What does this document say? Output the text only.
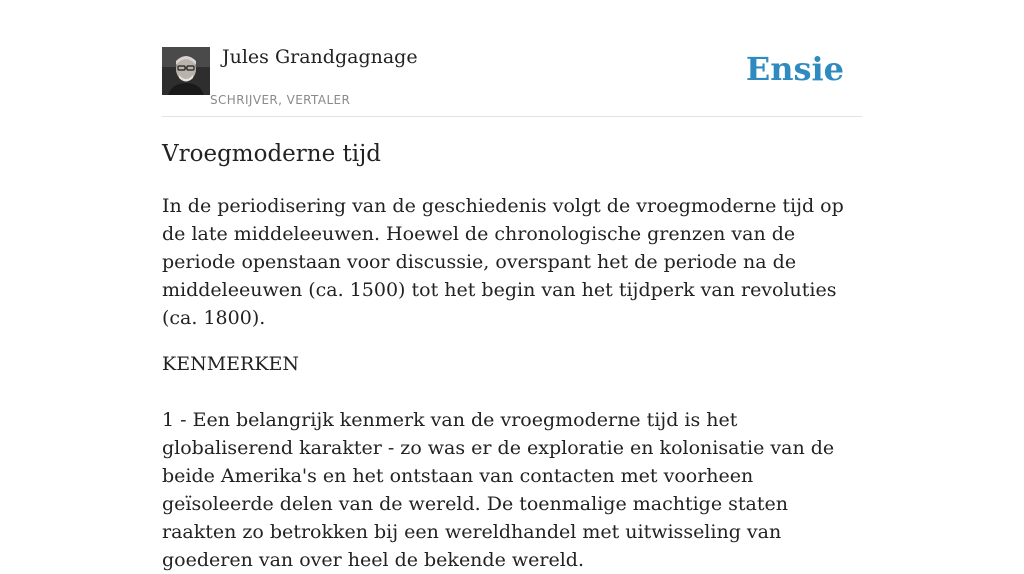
Jules Grandgagnage
SCHRIJVER, VERTALER
Ensie
Vroegmoderne tijd

In de periodisering van de geschiedenis volgt de vroegmoderne tijd op de late middeleeuwen. Hoewel de chronologische grenzen van de periode openstaan voor discussie, overspant het de periode na de middeleeuwen (ca. 1500) tot het begin van het tijdperk van revoluties (ca. 1800).

KENMERKEN

1 - Een belangrijk kenmerk van de vroegmoderne tijd is het globaliserend karakter - zo was er de exploratie en kolonisatie van de beide Amerika's en het ontstaan van contacten met voorheen geïsoleerde delen van de wereld. De toenmalige machtige staten raakten zo betrokken bij een wereldhandel met uitwisseling van goederen van over heel de bekende wereld.
